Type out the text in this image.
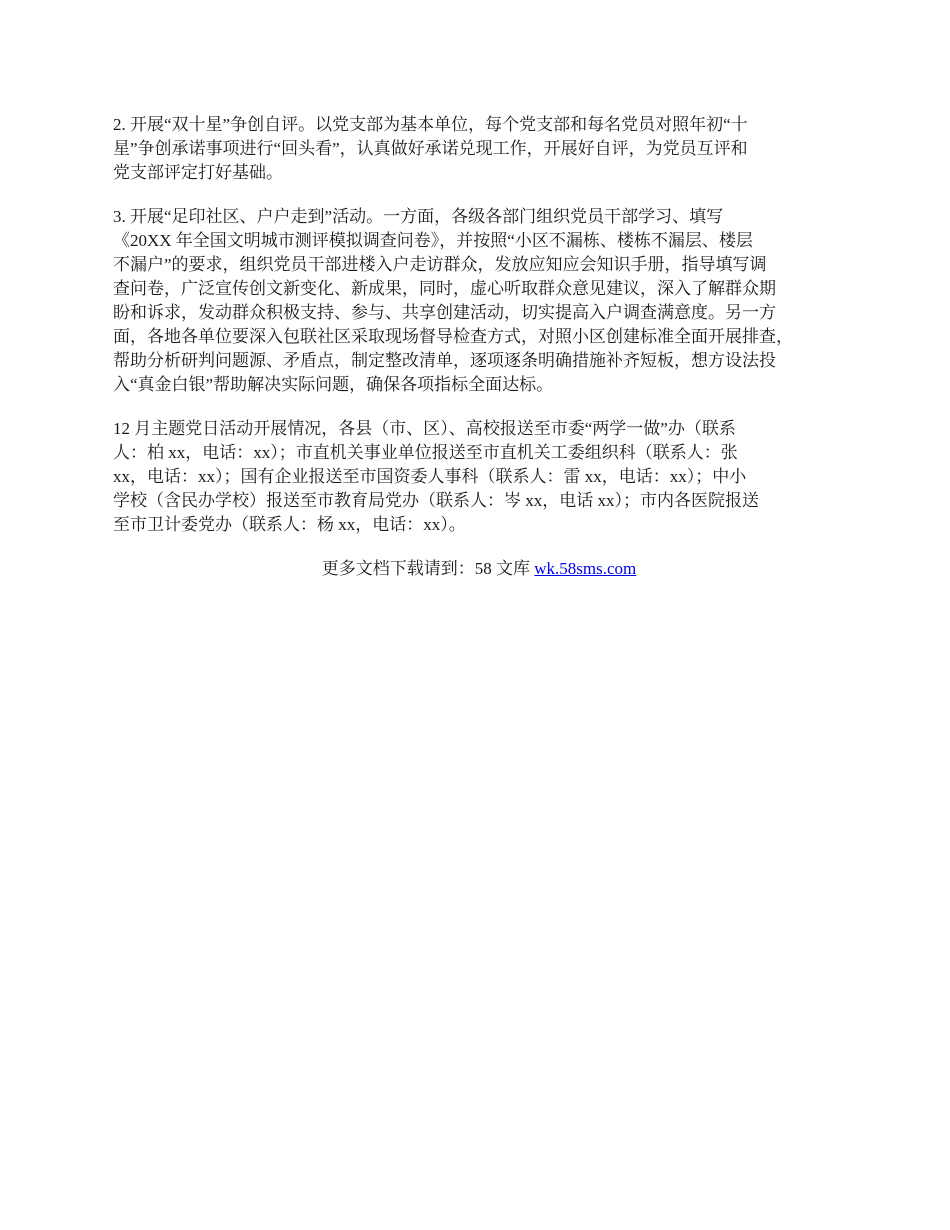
2. 开展“双十星”争创自评。以党支部为基本单位，每个党支部和每名党员对照年初“十
星”争创承诺事项进行“回头看”，认真做好承诺兑现工作，开展好自评，为党员互评和
党支部评定打好基础。

3. 开展“足印社区、户户走到”活动。一方面，各级各部门组织党员干部学习、填写
《20XX 年全国文明城市测评模拟调查问卷》，并按照“小区不漏栋、楼栋不漏层、楼层
不漏户”的要求，组织党员干部进楼入户走访群众，发放应知应会知识手册，指导填写调
查问卷，广泛宣传创文新变化、新成果，同时，虚心听取群众意见建议，深入了解群众期
盼和诉求，发动群众积极支持、参与、共享创建活动，切实提高入户调查满意度。另一方
面，各地各单位要深入包联社区采取现场督导检查方式，对照小区创建标准全面开展排查，
帮助分析研判问题源、矛盾点，制定整改清单，逐项逐条明确措施补齐短板，想方设法投
入“真金白银”帮助解决实际问题，确保各项指标全面达标。

12 月主题党日活动开展情况，各县（市、区）、高校报送至市委“两学一做”办（联系
人：柏 xx，电话：xx）；市直机关事业单位报送至市直机关工委组织科（联系人：张
xx，电话：xx）；国有企业报送至市国资委人事科（联系人：雷 xx，电话：xx）；中小
学校（含民办学校）报送至市教育局党办（联系人：岑 xx，电话 xx）；市内各医院报送
至市卫计委党办（联系人：杨 xx，电话：xx）。

更多文档下载请到：58 文库 wk.58sms.com
